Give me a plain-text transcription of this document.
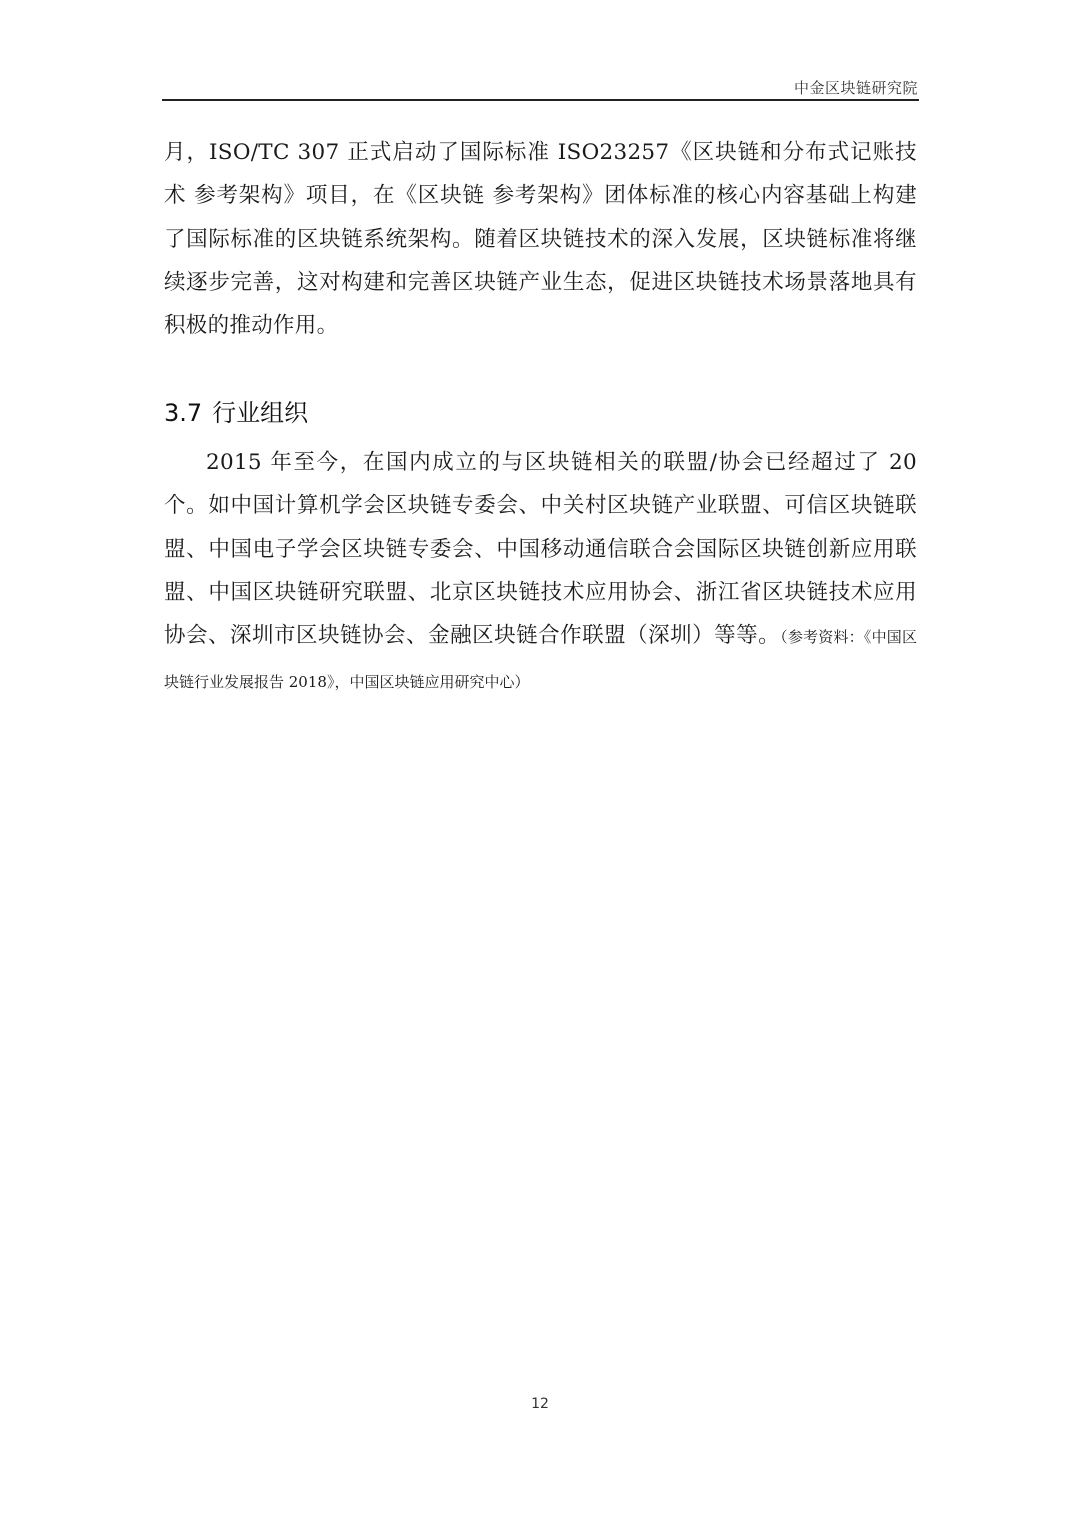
中金区块链研究院

月，ISO/TC 307 正式启动了国际标准 ISO23257《区块链和分布式记账技术 参考架构》项目，在《区块链 参考架构》团体标准的核心内容基础上构建了国际标准的区块链系统架构。随着区块链技术的深入发展，区块链标准将继续逐步完善，这对构建和完善区块链产业生态，促进区块链技术场景落地具有积极的推动作用。

3.7 行业组织

2015 年至今，在国内成立的与区块链相关的联盟/协会已经超过了 20 个。如中国计算机学会区块链专委会、中关村区块链产业联盟、可信区块链联盟、中国电子学会区块链专委会、中国移动通信联合会国际区块链创新应用联盟、中国区块链研究联盟、北京区块链技术应用协会、浙江省区块链技术应用协会、深圳市区块链协会、金融区块链合作联盟（深圳）等等。（参考资料：《中国区块链行业发展报告 2018》，中国区块链应用研究中心）

12
